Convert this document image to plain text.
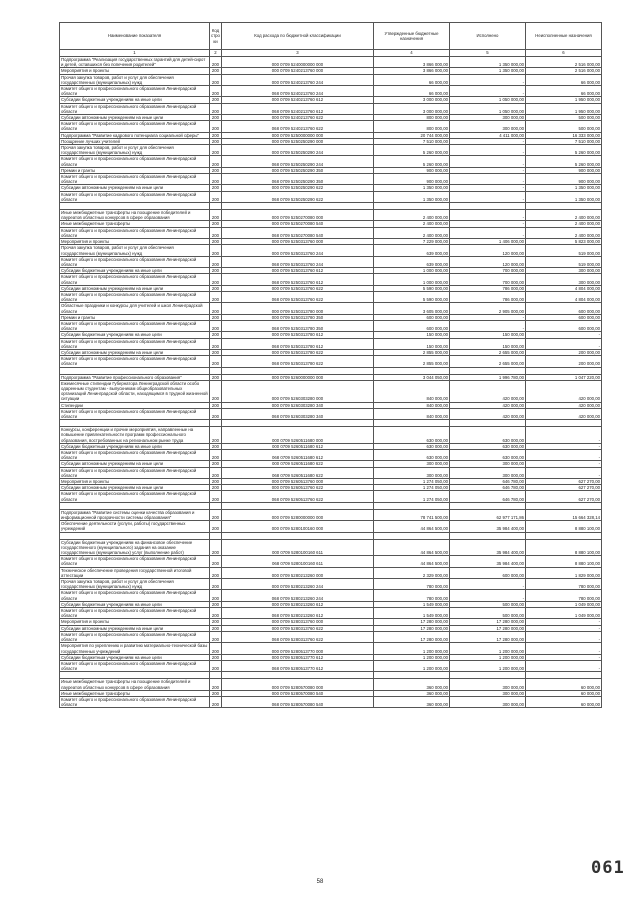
Наименование показателя	Код стро ки	Код расхода по бюджетной классификации	Утвержденные бюджетные назначения	Исполнено	Неисполненные назначения
1	2	3	4	5	6
Подпрограмма "Реализация государственных гарантий для детей-сирот и детей, оставшихся без попечения родителей"	200	000 0709 5240000000 000	3 866 000,00	1 350 000,00	2 516 000,00
Мероприятия и проекты	200	000 0709 5240213760 000	3 866 000,00	1 350 000,00	2 516 000,00
Прочая закупка товаров, работ и услуг для обеспечения государственных (муниципальных) нужд	200	000 0709 5240213760 244	66 000,00	-	66 000,00
Комитет общего и профессионального образования Ленинградской области	200	068 0709 5240213760 244	66 000,00	-	66 000,00
Субсидии бюджетным учреждениям на иные цели	200	000 0709 5240213760 612	3 000 000,00	1 050 000,00	1 950 000,00
Комитет общего и профессионального образования Ленинградской области	200	068 0709 5240213760 612	3 000 000,00	1 050 000,00	1 950 000,00
Субсидии автономным учреждениям на иные цели	200	000 0709 5240213760 622	800 000,00	300 000,00	500 000,00
Комитет общего и профессионального образования Ленинградской области	200	068 0709 5240213760 622	800 000,00	300 000,00	500 000,00
Подпрограмма "Развитие кадрового потенциала социальной сферы"	200	000 0709 5250000000 000	20 744 000,00	4 411 000,00	16 333 000,00
Поощрение лучших учителей	200	000 0709 5250250290 000	7 510 000,00	-	7 510 000,00
Прочая закупка товаров, работ и услуг для обеспечения государственных (муниципальных) нужд	200	000 0709 5250250290 244	5 260 000,00	-	5 260 000,00
Комитет общего и профессионального образования Ленинградской области	200	068 0709 5250250290 244	5 260 000,00	-	5 260 000,00
Премии и гранты	200	000 0709 5250250290 350	900 000,00	-	900 000,00
Комитет общего и профессионального образования Ленинградской области	200	068 0709 5250250290 350	900 000,00	-	900 000,00
Субсидии автономным учреждениям на иные цели	200	000 0709 5250250290 622	1 350 000,00	-	1 350 000,00
Комитет общего и профессионального образования Ленинградской области	200	068 0709 5250250290 622	1 350 000,00	-	1 350 000,00

Иные межбюджетные трансферты на поощрение победителей и лауреатов областных конкурсов в сфере образования	200	000 0709 5250270080 000	2 400 000,00	-	2 400 000,00
Иные межбюджетные трансферты	200	000 0709 5250270080 540	2 400 000,00	-	2 400 000,00
Комитет общего и профессионального образования Ленинградской области	200	068 0709 5250270080 540	2 400 000,00	-	2 400 000,00
Мероприятия и проекты	200	000 0709 5250313760 000	7 229 000,00	1 406 000,00	5 823 000,00
Прочая закупка товаров, работ и услуг для обеспечения государственных (муниципальных) нужд	200	000 0709 5250313760 244	639 000,00	120 000,00	519 000,00
Комитет общего и профессионального образования Ленинградской области	200	068 0709 5250313760 244	639 000,00	120 000,00	519 000,00
Субсидии бюджетным учреждениям на иные цели	200	000 0709 5250313760 612	1 000 000,00	700 000,00	300 000,00
Комитет общего и профессионального образования Ленинградской области	200	068 0709 5250313760 612	1 000 000,00	700 000,00	300 000,00
Субсидии автономным учреждениям на иные цели	200	000 0709 5250313760 622	5 590 000,00	786 000,00	4 804 000,00
Комитет общего и профессионального образования Ленинградской области	200	068 0709 5250313760 622	5 590 000,00	786 000,00	4 804 000,00
Областные праздники и конкурсы для учителей и школ Ленинградской области	200	000 0709 5250313780 000	3 605 000,00	2 905 000,00	600 000,00
Премии и гранты	200	000 0709 5250313780 350	600 000,00	-	600 000,00
Комитет общего и профессионального образования Ленинградской области	200	068 0709 5250313780 350	600 000,00	-	600 000,00
Субсидии бюджетным учреждениям на иные цели	200	000 0709 5250313780 612	150 000,00	150 000,00	-
Комитет общего и профессионального образования Ленинградской области	200	068 0709 5250313780 612	150 000,00	150 000,00	-
Субсидии автономным учреждениям на иные цели	200	000 0709 5250313780 622	2 855 000,00	2 655 000,00	200 000,00
Комитет общего и профессионального образования Ленинградской области	200	068 0709 5250313780 622	2 855 000,00	2 655 000,00	200 000,00

Подпрограмма "Развитие профессионального образования"	200	000 0709 5260000000 000	3 044 050,00	1 996 780,00	1 047 220,00
Ежемесячные стипендии Губернатора Ленинградской области особо одаренным студентам - выпускникам общеобразовательных организаций Ленинградской области, находящимся в трудной жизненной ситуации	200	000 0709 5260303280 000	840 000,00	420 000,00	420 000,00
Стипендии	200	000 0709 5260303280 340	840 000,00	420 000,00	420 000,00
Комитет общего и профессионального образования Ленинградской области	200	068 0709 5260303280 340	840 000,00	420 000,00	420 000,00

Конкурсы, конференции и прочие мероприятия, направленные на повышение привлекательности программ профессионального образования, востребованных на региональном рынке труда	200	000 0709 5260511680 000	630 000,00	630 000,00	-
Субсидии бюджетным учреждениям на иные цели	200	000 0709 5260511680 612	630 000,00	630 000,00	-
Комитет общего и профессионального образования Ленинградской области	200	068 0709 5260511680 612	630 000,00	630 000,00	-
Субсидии автономным учреждениям на иные цели	200	000 0709 5260511680 622	300 000,00	300 000,00	-
Комитет общего и профессионального образования Ленинградской области	200	068 0709 5260511680 622	300 000,00	300 000,00	-
Мероприятия и проекты	200	000 0709 5260513760 000	1 274 050,00	646 780,00	627 270,00
Субсидии автономным учреждениям на иные цели	200	000 0709 5260513760 622	1 274 050,00	646 780,00	627 270,00
Комитет общего и профессионального образования Ленинградской области	200	068 0709 5260513760 622	1 274 050,00	646 780,00	627 270,00

Подпрограмма "Развитие системы оценки качества образования и информационной прозрачности системы образования"	200	000 0709 5280000000 000	78 741 500,00	62 977 171,86	15 664 328,14
Обеспечение деятельности (услуги, работы) государственных учреждений	200	000 0709 5280100160 000	44 864 500,00	35 984 400,00	8 880 100,00

Субсидии бюджетным учреждениям на финансовое обеспечение государственного (муниципального) задания на оказание государственных (муниципальных) услуг (выполнение работ)	200	000 0709 5280100160 611	44 864 500,00	35 984 400,00	8 880 100,00
Комитет общего и профессионального образования Ленинградской области	200	068 0709 5280100160 611	44 864 500,00	35 984 400,00	8 880 100,00
Техническое обеспечение проведения государственной итоговой аттестации	200	000 0709 5280213260 000	2 329 000,00	600 000,00	1 829 000,00
Прочая закупка товаров, работ и услуг для обеспечения государственных (муниципальных) нужд	200	000 0709 5280213260 244	780 000,00	-	780 000,00
Комитет общего и профессионального образования Ленинградской области	200	068 0709 5280213260 244	780 000,00	-	780 000,00
Субсидии бюджетным учреждениям на иные цели	200	000 0709 5280213260 612	1 549 000,00	500 000,00	1 049 000,00
Комитет общего и профессионального образования Ленинградской области	200	068 0709 5280213260 612	1 549 000,00	500 000,00	1 049 000,00
Мероприятия и проекты	200	000 0709 5280313760 000	17 280 000,00	17 280 000,00	-
Субсидии автономным учреждениям на иные цели	200	000 0709 5280313760 622	17 280 000,00	17 280 000,00	-
Комитет общего и профессионального образования Ленинградской области	200	068 0709 5280313760 622	17 280 000,00	17 280 000,00	-
Мероприятия по укреплению и развитию материально-технической базы государственных учреждений	200	000 0709 5280513770 000	1 200 000,00	1 200 000,00	-
Субсидии бюджетным учреждениям на иные цели	200	000 0709 5280513770 612	1 200 000,00	1 200 000,00	-
Комитет общего и профессионального образования Ленинградской области	200	068 0709 5280513770 612	1 200 000,00	1 200 000,00	-

Иные межбюджетные трансферты на поощрение победителей и лауреатов областных конкурсов в сфере образования	200	000 0709 5280570080 000	360 000,00	300 000,00	60 000,00
Иные межбюджетные трансферты	200	000 0709 5280570080 540	360 000,00	300 000,00	60 000,00
Комитет общего и профессионального образования Ленинградской области	200	068 0709 5280570080 540	360 000,00	300 000,00	60 000,00
58
061
